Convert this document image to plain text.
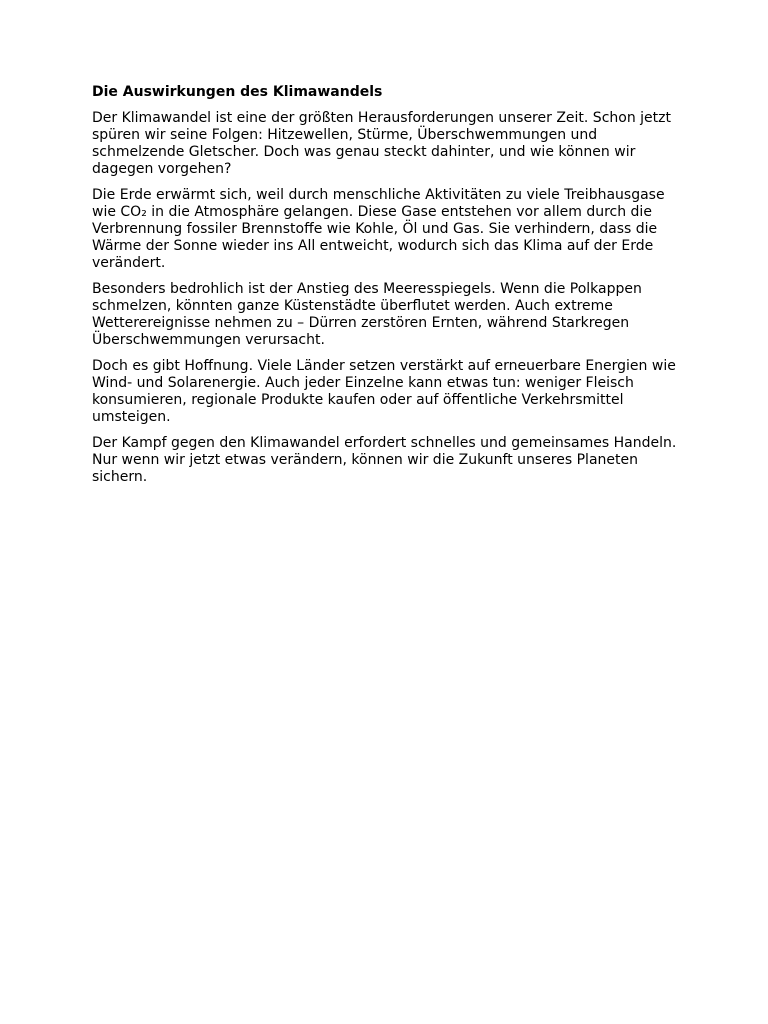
Die Auswirkungen des Klimawandels

Der Klimawandel ist eine der größten Herausforderungen unserer Zeit. Schon jetzt spüren wir seine Folgen: Hitzewellen, Stürme, Überschwemmungen und schmelzende Gletscher. Doch was genau steckt dahinter, und wie können wir dagegen vorgehen?

Die Erde erwärmt sich, weil durch menschliche Aktivitäten zu viele Treibhausgase wie CO₂ in die Atmosphäre gelangen. Diese Gase entstehen vor allem durch die Verbrennung fossiler Brennstoffe wie Kohle, Öl und Gas. Sie verhindern, dass die Wärme der Sonne wieder ins All entweicht, wodurch sich das Klima auf der Erde verändert.

Besonders bedrohlich ist der Anstieg des Meeresspiegels. Wenn die Polkappen schmelzen, könnten ganze Küstenstädte überflutet werden. Auch extreme Wetterereignisse nehmen zu – Dürren zerstören Ernten, während Starkregen Überschwemmungen verursacht.

Doch es gibt Hoffnung. Viele Länder setzen verstärkt auf erneuerbare Energien wie Wind- und Solarenergie. Auch jeder Einzelne kann etwas tun: weniger Fleisch konsumieren, regionale Produkte kaufen oder auf öffentliche Verkehrsmittel umsteigen.

Der Kampf gegen den Klimawandel erfordert schnelles und gemeinsames Handeln. Nur wenn wir jetzt etwas verändern, können wir die Zukunft unseres Planeten sichern.
